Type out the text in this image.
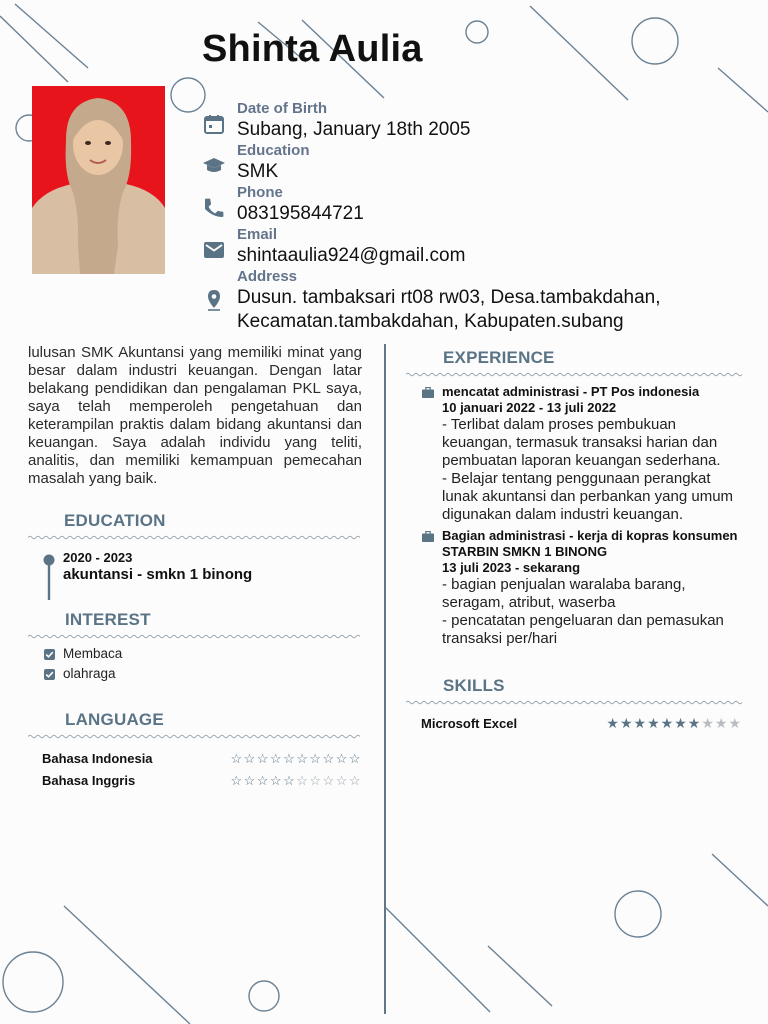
Shinta Aulia
Date of Birth
Subang, January 18th 2005
Education
SMK
Phone
083195844721
Email
shintaaulia924@gmail.com
Address
Dusun. tambaksari rt08 rw03, Desa.tambakdahan, Kecamatan.tambakdahan, Kabupaten.subang
lulusan SMK Akuntansi yang memiliki minat yang besar dalam industri keuangan. Dengan latar belakang pendidikan dan pengalaman PKL saya, saya telah memperoleh pengetahuan dan keterampilan praktis dalam bidang akuntansi dan keuangan. Saya adalah individu yang teliti, analitis, dan memiliki kemampuan pemecahan masalah yang baik.
EDUCATION
2020 - 2023
akuntansi - smkn 1 binong
INTEREST
Membaca
olahraga
LANGUAGE
Bahasa Indonesia	☆☆☆☆☆☆☆☆☆☆
Bahasa Inggris	☆☆☆☆☆☆☆☆☆☆
EXPERIENCE
mencatat administrasi - PT Pos indonesia
10 januari 2022 - 13 juli 2022
- Terlibat dalam proses pembukuan keuangan, termasuk transaksi harian dan pembuatan laporan keuangan sederhana.
- Belajar tentang penggunaan perangkat lunak akuntansi dan perbankan yang umum digunakan dalam industri keuangan.
Bagian administrasi - kerja di kopras konsumen STARBIN SMKN 1 BINONG
13 juli 2023 - sekarang
- bagian penjualan waralaba barang, seragam, atribut, waserba
- pencatatan pengeluaran dan pemasukan transaksi per/hari
SKILLS
Microsoft Excel	★★★★★★★★★★
